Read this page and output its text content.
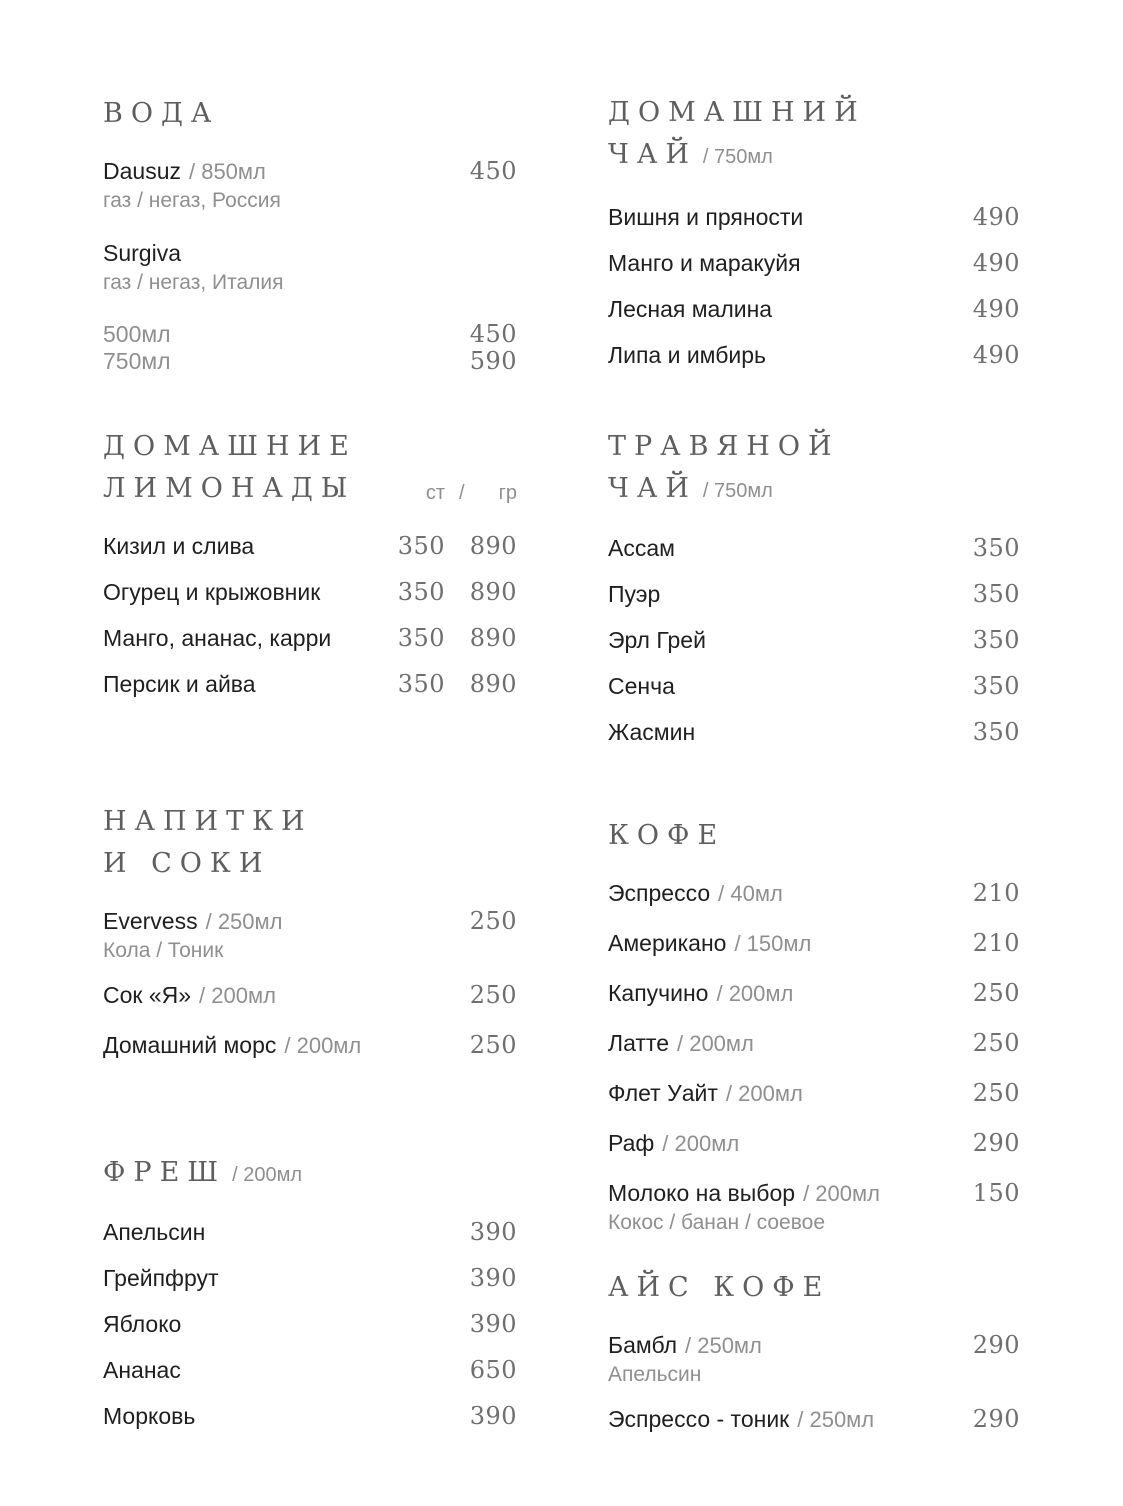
ВОДА
Dausuz / 850мл	450
газ / негаз, Россия
Surgiva
газ / негаз, Италия
500мл	450
750мл	590
ДОМАШНИЕ
ЛИМОНАДЫ	ст / гр
Кизил и слива	350	890
Огурец и крыжовник	350	890
Манго, ананас, карри	350	890
Персик и айва	350	890
НАПИТКИ
И СОКИ
Evervess / 250мл	250
Кола / Тоник
Сок «Я» / 200мл	250
Домашний морс / 200мл	250
ФРЕШ / 200мл
Апельсин	390
Грейпфрут	390
Яблоко	390
Ананас	650
Морковь	390
ДОМАШНИЙ
ЧАЙ / 750мл
Вишня и пряности	490
Манго и маракуйя	490
Лесная малина	490
Липа и имбирь	490
ТРАВЯНОЙ
ЧАЙ / 750мл
Ассам	350
Пуэр	350
Эрл Грей	350
Сенча	350
Жасмин	350
КОФЕ
Эспрессо / 40мл	210
Американо / 150мл	210
Капучино / 200мл	250
Латте / 200мл	250
Флет Уайт / 200мл	250
Раф / 200мл	290
Молоко на выбор / 200мл	150
Кокос / банан / соевое
АЙС КОФЕ
Бамбл / 250мл	290
Апельсин
Эспрессо - тоник / 250мл	290
